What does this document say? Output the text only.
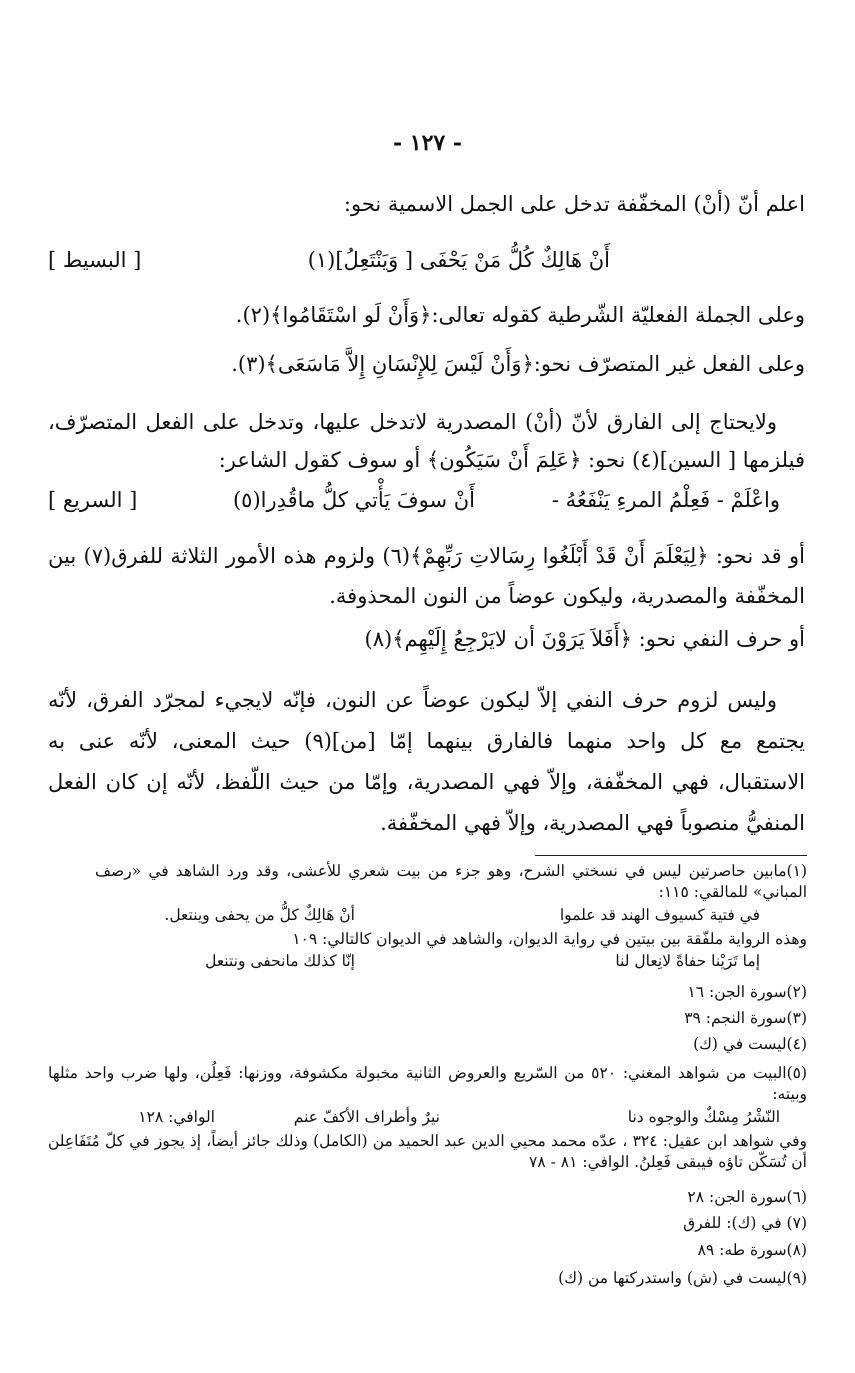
- ١٢٧ -
اعلم أنّ (أنْ) المخفّفة تدخل على الجمل الاسمية نحو:
أَنْ هَالِكٌ كُلُّ مَنْ يَحْفَى [ وَيَنْتَعِلُ](١)
[ البسيط ]
وعلى الجملة الفعليّة الشّرطية كقوله تعالى:﴿وَأَنْ لَو اسْتَقَامُوا﴾(٢).
وعلى الفعل غير المتصرّف نحو:﴿وَأَنْ لَيْسَ لِلإِنْسَانِ إِلاَّ مَاسَعَى﴾(٣).
ولايحتاج إلى الفارق لأنّ (أنْ) المصدرية لاتدخل عليها، وتدخل على الفعل المتصرّف، فيلزمها [ السين](٤) نحو: ﴿عَلِمَ أَنْ سَيَكُون﴾ أو سوف كقول الشاعر:
واعْلَمْ - فَعِلْمُ المرءِ يَنْفَعُهُ -
أَنْ سوفَ يَأْتي كلُّ ماقُدِرا(٥)
[ السريع ]
أو قد نحو: ﴿لِيَعْلَمَ أَنْ قَدْ أَبْلَغُوا رِسَالاتِ رَبِّهِمْ﴾(٦) ولزوم هذه الأمور الثلاثة للفرق(٧) بين المخفّفة والمصدرية، وليكون عوضاً من النون المحذوفة.
أو حرف النفي نحو: ﴿أَفَلاَ يَرَوْنَ أن لايَرْجِعُ إِلَيْهِم﴾(٨)
وليس لزوم حرف النفي إلاّ ليكون عوضاً عن النون، فإنّه لايجيء لمجرّد الفرق، لأنّه يجتمع مع كل واحد منهما فالفارق بينهما إمّا [من](٩) حيث المعنى، لأنّه عنى به الاستقبال، فهي المخفّفة، وإلاّ فهي المصدرية، وإمّا من حيث اللّفظ، لأنّه إن كان الفعل المنفيُّ منصوباً فهي المصدرية، وإلاّ فهي المخفّفة.
(١)مابين حاصرتين ليس في نسختي الشرح، وهو جزء من بيت شعري للأعشى، وقد ورد الشاهد في «رصف المباني» للمالقي: ١١٥:
في فتية كسيوف الهند قد علموا
أنْ هَالِكٌ كلُّ من يحفى وينتعل.
وهذه الرواية ملفّقة بين بيتين في رواية الديوان، والشاهد في الديوان كالتالي: ١٠٩
إما تَرَيْنا حفاةً لانِعال لنا
إنّا كذلك مانحفى ونتنعل
(٢)سورة الجن: ١٦
(٣)سورة النجم: ٣٩
(٤)ليست في (ك)
(٥)البيت من شواهد المغني: ٥٢٠ من السّريع والعروض الثانية مخبولة مكشوفة، ووزنها: فَعِلُن، ولها ضرب واحد مثلها وبيته:
النّشْرُ مِسْكٌ والوجوه دنا
نيرٌ وأطراف الأكفّ عنم
الوافي: ١٢٨
وفي شواهد ابن عقيل: ٣٢٤ ، عدّه محمد محيي الدين عبد الحميد من (الكامل) وذلك جائز أيضاً، إذ يجوز في كلّ مُتَفَاعِلن أن تُسَكّن تاؤه فيبقى فَعِلنُ. الوافي: ٨١ - ٧٨
(٦)سورة الجن: ٢٨
(٧) في (ك): للفرق
(٨)سورة طه: ٨٩
(٩)ليست في (ش) واستدركتها من (ك)
